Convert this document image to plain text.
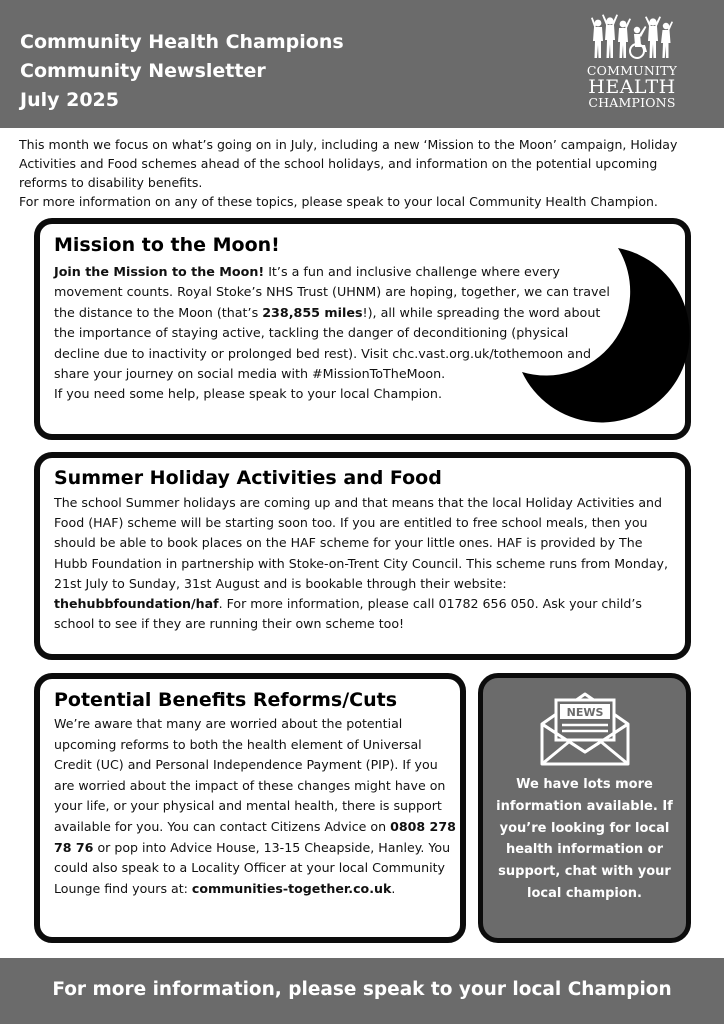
Community Health Champions
Community Newsletter
July 2025
COMMUNITY
HEALTH
CHAMPIONS
This month we focus on what’s going on in July, including a new ‘Mission to the Moon’ campaign, Holiday Activities and Food schemes ahead of the school holidays, and information on the potential upcoming reforms to disability benefits.
For more information on any of these topics, please speak to your local Community Health Champion.
Mission to the Moon!

Join the Mission to the Moon! It’s a fun and inclusive challenge where every movement counts. Royal Stoke’s NHS Trust (UHNM) are hoping, together, we can travel the distance to the Moon (that’s 238,855 miles!), all while spreading the word about the importance of staying active, tackling the danger of deconditioning (physical decline due to inactivity or prolonged bed rest). Visit chc.vast.org.uk/tothemoon and share your journey on social media with #MissionToTheMoon.

If you need some help, please speak to your local Champion.

Summer Holiday Activities and Food

The school Summer holidays are coming up and that means that the local Holiday Activities and Food (HAF) scheme will be starting soon too. If you are entitled to free school meals, then you should be able to book places on the HAF scheme for your little ones. HAF is provided by The Hubb Foundation in partnership with Stoke-on-Trent City Council. This scheme runs from Monday, 21st July to Sunday, 31st August and is bookable through their website: thehubbfoundation/haf. For more information, please call 01782 656 050. Ask your child’s school to see if they are running their own scheme too!

Potential Benefits Reforms/Cuts

We’re aware that many are worried about the potential upcoming reforms to both the health element of Universal Credit (UC) and Personal Independence Payment (PIP). If you are worried about the impact of these changes might have on your life, or your physical and mental health, there is support available for you. You can contact Citizens Advice on 0808 278 78 76 or pop into Advice House, 13-15 Cheapside, Hanley. You could also speak to a Locality Officer at your local Community Lounge find yours at: communities-together.co.uk.

NEWS
We have lots more information available. If you’re looking for local health information or support, chat with your local champion.
For more information, please speak to your local Champion
